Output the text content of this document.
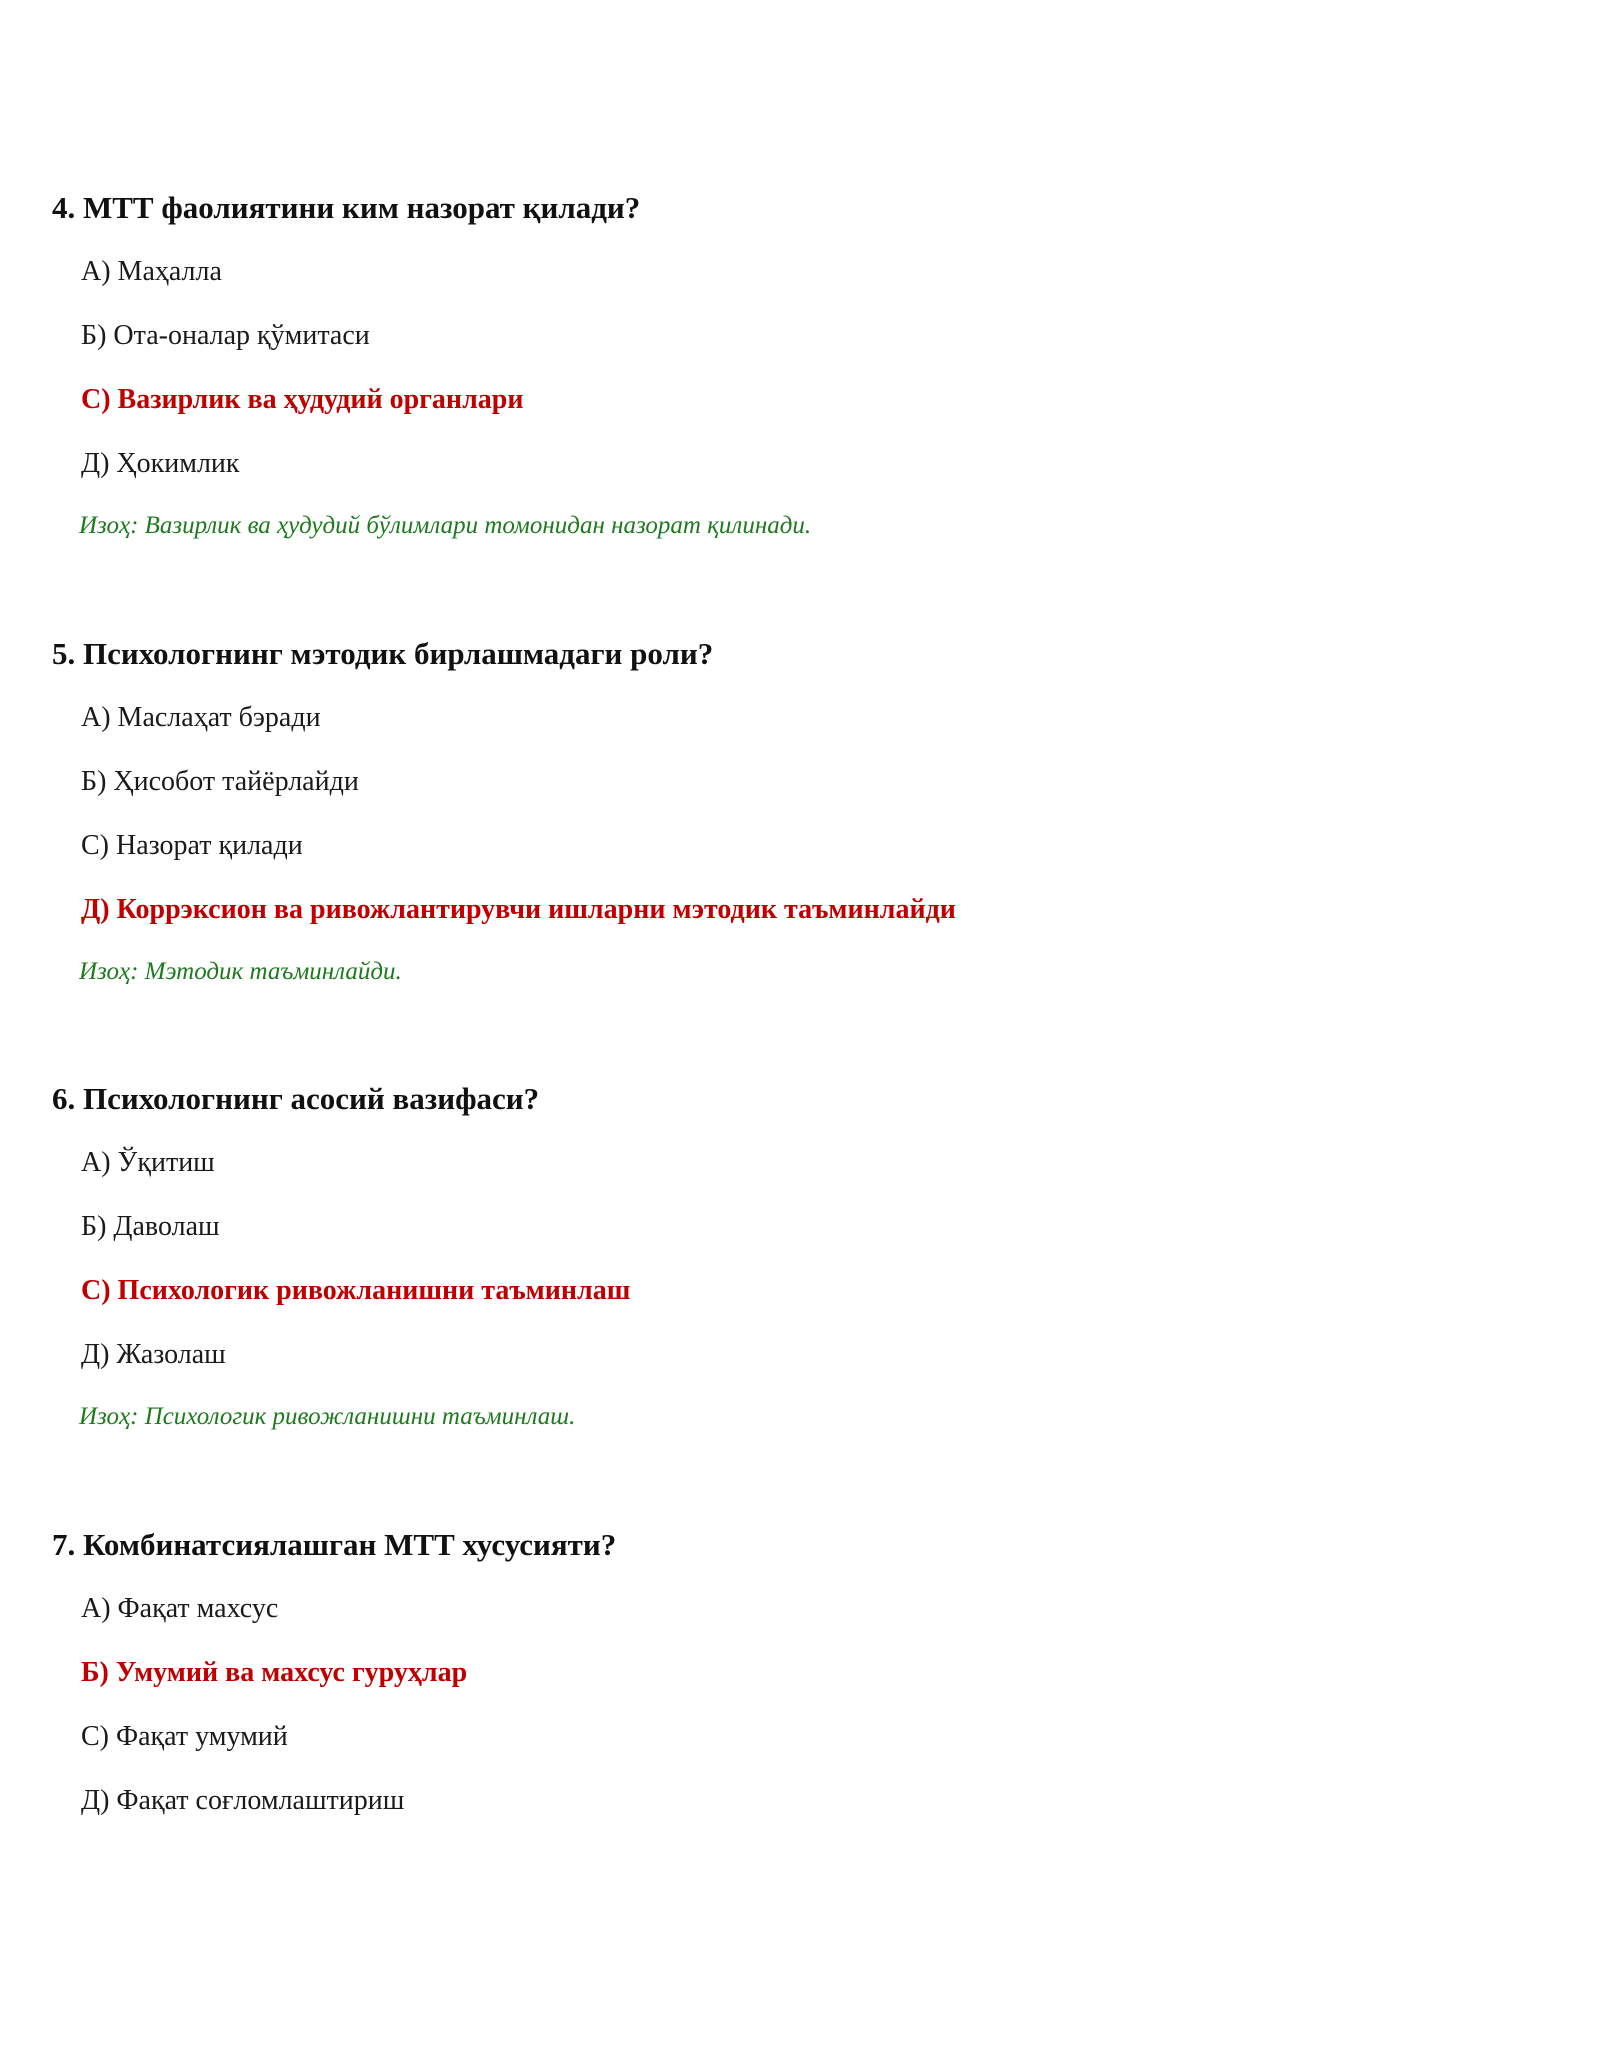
4. МТТ фаолиятини ким назорат қилади?
А) Маҳалла
Б) Ота-оналар қўмитаси
С) Вазирлик ва ҳудудий органлари
Д) Ҳокимлик
Изоҳ: Вазирлик ва ҳудудий бўлимлари томонидан назорат қилинади.
5. Психологнинг мэтодик бирлашмадаги роли?
А) Маслаҳат бэради
Б) Ҳисобот тайёрлайди
С) Назорат қилади
Д) Коррэксион ва ривожлантирувчи ишларни мэтодик таъминлайди
Изоҳ: Мэтодик таъминлайди.
6. Психологнинг асосий вазифаси?
А) Ўқитиш
Б) Даволаш
С) Психологик ривожланишни таъминлаш
Д) Жазолаш
Изоҳ: Психологик ривожланишни таъминлаш.
7. Комбинатсиялашган МТТ хусусияти?
А) Фақат махсус
Б) Умумий ва махсус гуруҳлар
С) Фақат умумий
Д) Фақат соғломлаштириш
